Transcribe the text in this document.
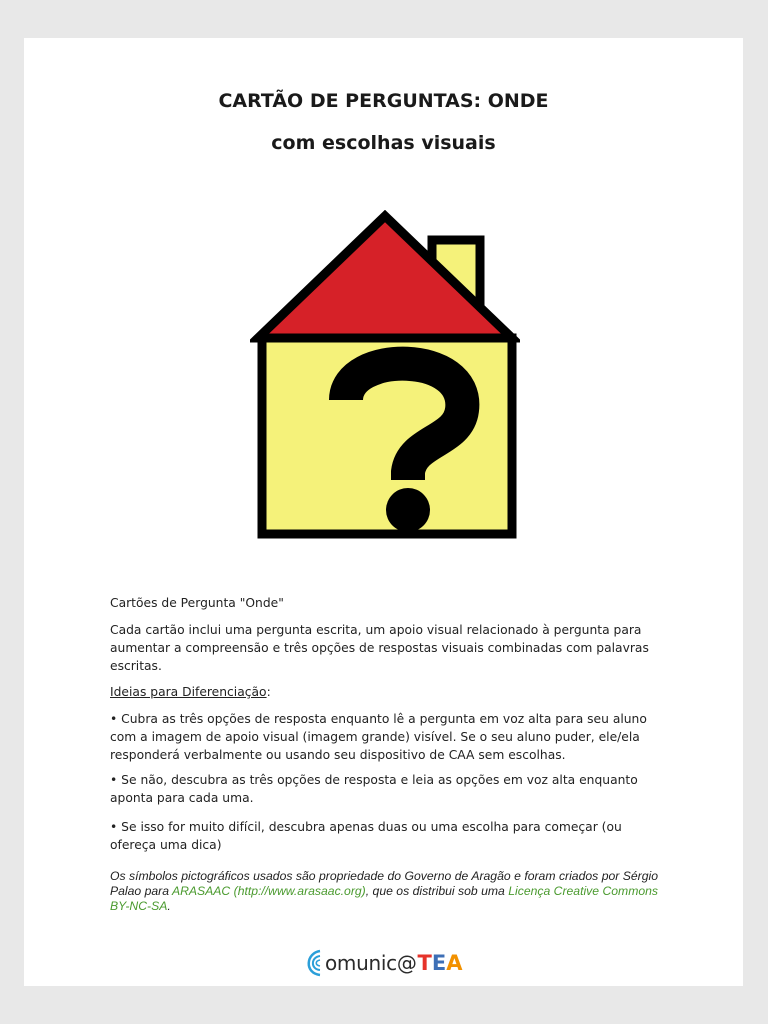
CARTÃO DE PERGUNTAS: ONDE
com escolhas visuais
Cartões de Pergunta "Onde"
Cada cartão inclui uma pergunta escrita, um apoio visual relacionado à pergunta para aumentar a compreensão e três opções de respostas visuais combinadas com palavras escritas.
Ideias para Diferenciação:
• Cubra as três opções de resposta enquanto lê a pergunta em voz alta para seu aluno com a imagem de apoio visual (imagem grande) visível. Se o seu aluno puder, ele/ela responderá verbalmente ou usando seu dispositivo de CAA sem escolhas.
• Se não, descubra as três opções de resposta e leia as opções em voz alta enquanto aponta para cada uma.
• Se isso for muito difícil, descubra apenas duas ou uma escolha para começar (ou ofereça uma dica)
Os símbolos pictográficos usados são propriedade do Governo de Aragão e foram criados por Sérgio Palao para ARASAAC (http://www.arasaac.org), que os distribui sob uma Licença Creative Commons BY-NC-SA.
omunic@ T E A
